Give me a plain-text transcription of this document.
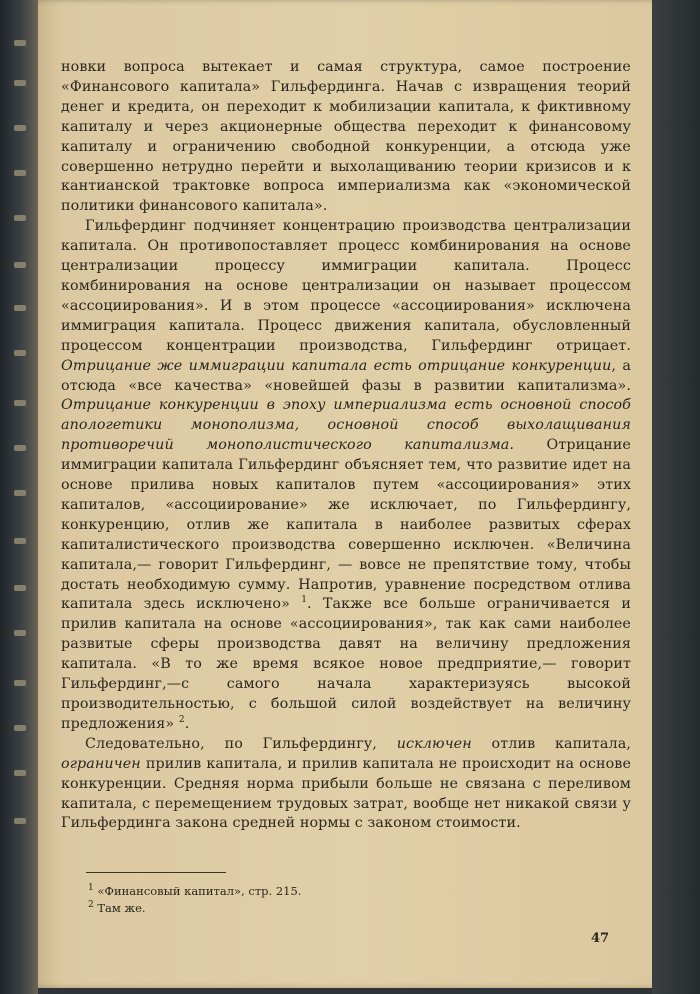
новки вопроса вытекает и самая структура, самое построение «Финансового капитала» Гильфердинга. Начав с извращения теорий денег и кредита, он переходит к мобилизации капитала, к фиктивному капиталу и через акционерные общества переходит к финансовому капиталу и ограничению свободной конкуренции, а отсюда уже совершенно нетрудно перейти и выхолащиванию теории кризисов и к кантианской трактовке вопроса империализма как «экономической политики финансового капитала».

Гильфердинг подчиняет концентрацию производства централизации капитала. Он противопоставляет процесс комбинирования на основе централизации процессу иммиграции капитала. Процесс комбинирования на основе централизации он называет процессом «ассоциирования». И в этом процессе «ассоциирования» исключена иммиграция капитала. Процесс движения капитала, обусловленный процессом концентрации производства, Гильфердинг отрицает. Отрицание же иммиграции капитала есть отрицание конкуренции, а отсюда «все качества» «новейшей фазы в развитии капитализма». Отрицание конкуренции в эпоху империализма есть основной способ апологетики монополизма, основной способ выхолащивания противоречий монополистического капитализма. Отрицание иммиграции капитала Гильфердинг объясняет тем, что развитие идет на основе прилива новых капиталов путем «ассоциирования» этих капиталов, «ассоциирование» же исключает, по Гильфердингу, конкуренцию, отлив же капитала в наиболее развитых сферах капиталистического производства совершенно исключен. «Величина капитала,— говорит Гильфердинг, — вовсе не препятствие тому, чтобы достать необходимую сумму. Напротив, уравнение посредством отлива капитала здесь исключено» $^1$. Также все больше ограничивается и прилив капитала на основе «ассоциирования», так как сами наиболее развитые сферы производства давят на величину предложения капитала. «В то же время всякое новое предприятие,— говорит Гильфердинг,—с самого начала характеризуясь высокой производительностью, с большой силой воздействует на величину предложения» $^2$.

Следовательно, по Гильфердингу, исключен отлив капитала, ограничен прилив капитала, и прилив капитала не происходит на основе конкуренции. Средняя норма прибыли больше не связана с переливом капитала, с перемещением трудовых затрат, вообще нет никакой связи у Гильфердинга закона средней нормы с законом стоимости.

$^1$ «Финансовый капитал», стр. 215.
$^2$ Там же.
47
